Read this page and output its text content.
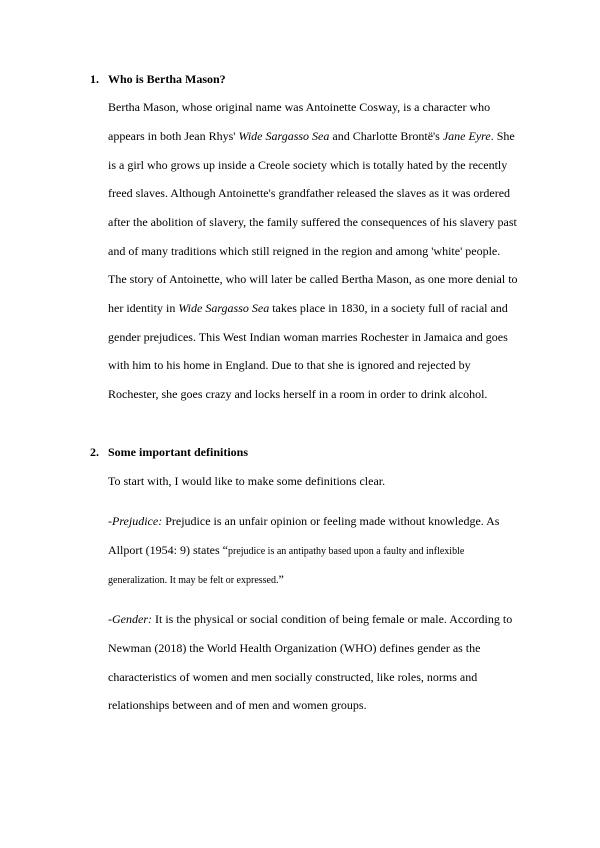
1. Who is Bertha Mason?
Bertha Mason, whose original name was Antoinette Cosway, is a character who
appears in both Jean Rhys' Wide Sargasso Sea and Charlotte Brontë's Jane Eyre. She
is a girl who grows up inside a Creole society which is totally hated by the recently
freed slaves. Although Antoinette's grandfather released the slaves as it was ordered
after the abolition of slavery, the family suffered the consequences of his slavery past
and of many traditions which still reigned in the region and among 'white' people.
The story of Antoinette, who will later be called Bertha Mason, as one more denial to
her identity in Wide Sargasso Sea takes place in 1830, in a society full of racial and
gender prejudices. This West Indian woman marries Rochester in Jamaica and goes
with him to his home in England. Due to that she is ignored and rejected by
Rochester, she goes crazy and locks herself in a room in order to drink alcohol.
2. Some important definitions
To start with, I would like to make some definitions clear.
-Prejudice: Prejudice is an unfair opinion or feeling made without knowledge. As
Allport (1954: 9) states “prejudice is an antipathy based upon a faulty and inflexible
generalization. It may be felt or expressed.”
-Gender: It is the physical or social condition of being female or male. According to
Newman (2018) the World Health Organization (WHO) defines gender as the
characteristics of women and men socially constructed, like roles, norms and
relationships between and of men and women groups.
